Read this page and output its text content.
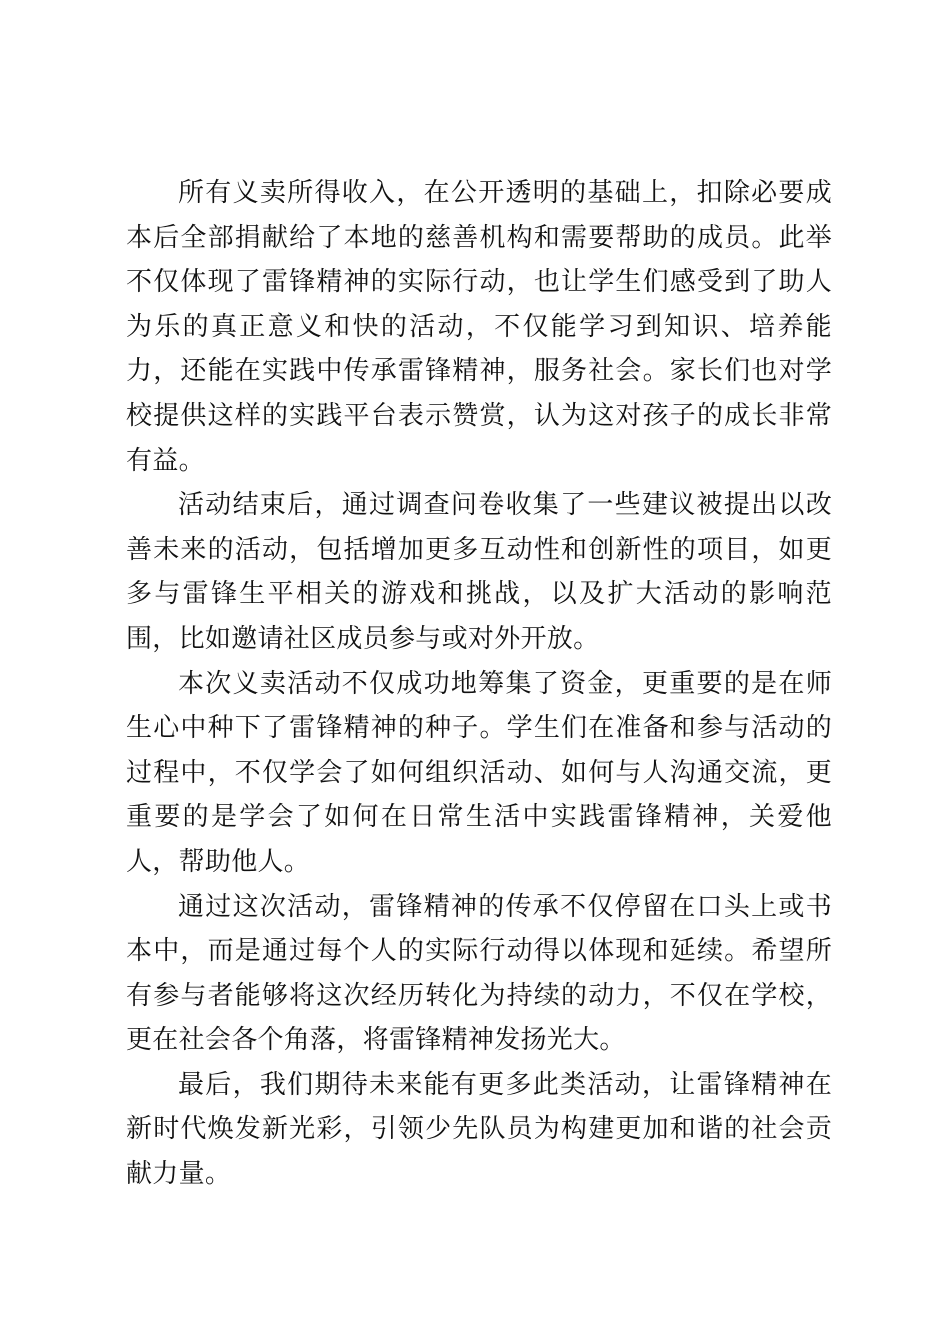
所有义卖所得收入，在公开透明的基础上，扣除必要成本后全部捐献给了本地的慈善机构和需要帮助的成员。此举不仅体现了雷锋精神的实际行动，也让学生们感受到了助人为乐的真正意义和快的活动，不仅能学习到知识、培养能力，还能在实践中传承雷锋精神，服务社会。家长们也对学校提供这样的实践平台表示赞赏，认为这对孩子的成长非常有益。

活动结束后，通过调查问卷收集了一些建议被提出以改善未来的活动，包括增加更多互动性和创新性的项目，如更多与雷锋生平相关的游戏和挑战，以及扩大活动的影响范围，比如邀请社区成员参与或对外开放。

本次义卖活动不仅成功地筹集了资金，更重要的是在师生心中种下了雷锋精神的种子。学生们在准备和参与活动的过程中，不仅学会了如何组织活动、如何与人沟通交流，更重要的是学会了如何在日常生活中实践雷锋精神，关爱他人，帮助他人。

通过这次活动，雷锋精神的传承不仅停留在口头上或书本中，而是通过每个人的实际行动得以体现和延续。希望所有参与者能够将这次经历转化为持续的动力，不仅在学校，更在社会各个角落，将雷锋精神发扬光大。

最后，我们期待未来能有更多此类活动，让雷锋精神在新时代焕发新光彩，引领少先队员为构建更加和谐的社会贡献力量。
